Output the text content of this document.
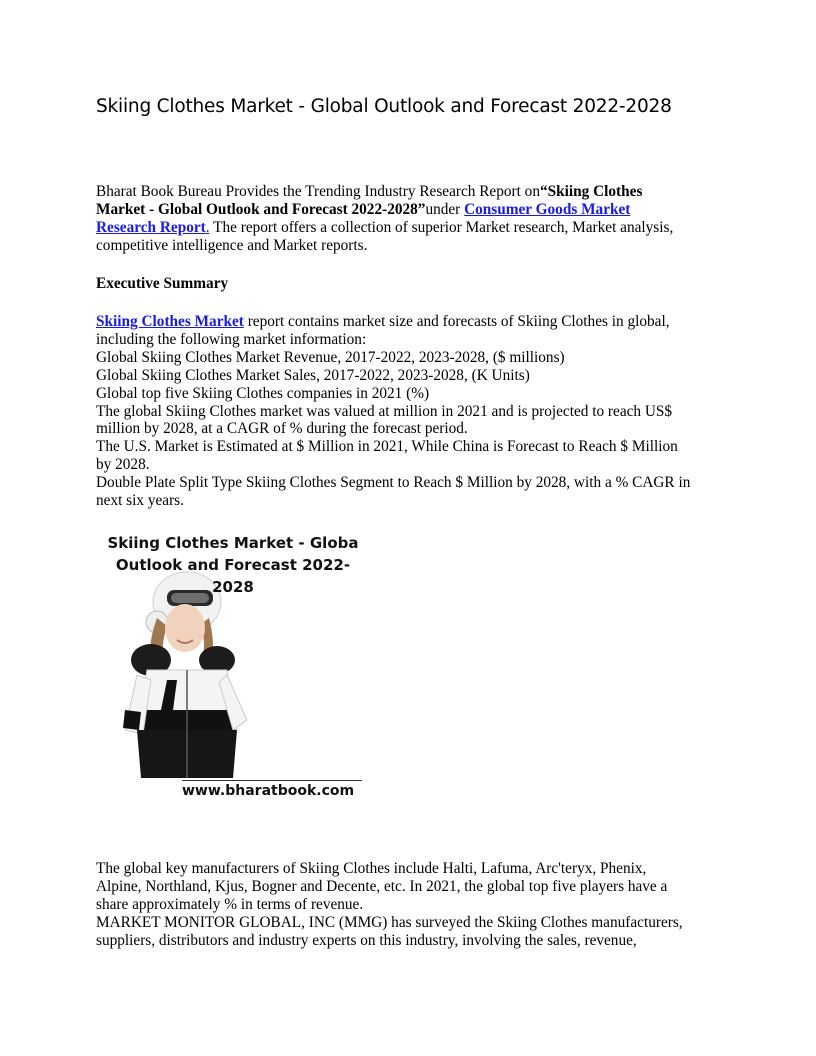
Skiing Clothes Market - Global Outlook and Forecast 2022-2028
Bharat Book Bureau Provides the Trending Industry Research Report on“Skiing Clothes
Market - Global Outlook and Forecast 2022-2028”under Consumer Goods Market
Research Report. The report offers a collection of superior Market research, Market analysis,
competitive intelligence and Market reports.
Executive Summary
Skiing Clothes Market report contains market size and forecasts of Skiing Clothes in global,
including the following market information:
Global Skiing Clothes Market Revenue, 2017-2022, 2023-2028, ($ millions)
Global Skiing Clothes Market Sales, 2017-2022, 2023-2028, (K Units)
Global top five Skiing Clothes companies in 2021 (%)
The global Skiing Clothes market was valued at million in 2021 and is projected to reach US$
million by 2028, at a CAGR of % during the forecast period.
The U.S. Market is Estimated at $ Million in 2021, While China is Forecast to Reach $ Million
by 2028.
Double Plate Split Type Skiing Clothes Segment to Reach $ Million by 2028, with a % CAGR in
next six years.
Skiing Clothes Market - Globa
Outlook and Forecast 2022-
2028
www.bharatbook.com
The global key manufacturers of Skiing Clothes include Halti, Lafuma, Arc'teryx, Phenix,
Alpine, Northland, Kjus, Bogner and Decente, etc. In 2021, the global top five players have a
share approximately % in terms of revenue.
MARKET MONITOR GLOBAL, INC (MMG) has surveyed the Skiing Clothes manufacturers,
suppliers, distributors and industry experts on this industry, involving the sales, revenue,
